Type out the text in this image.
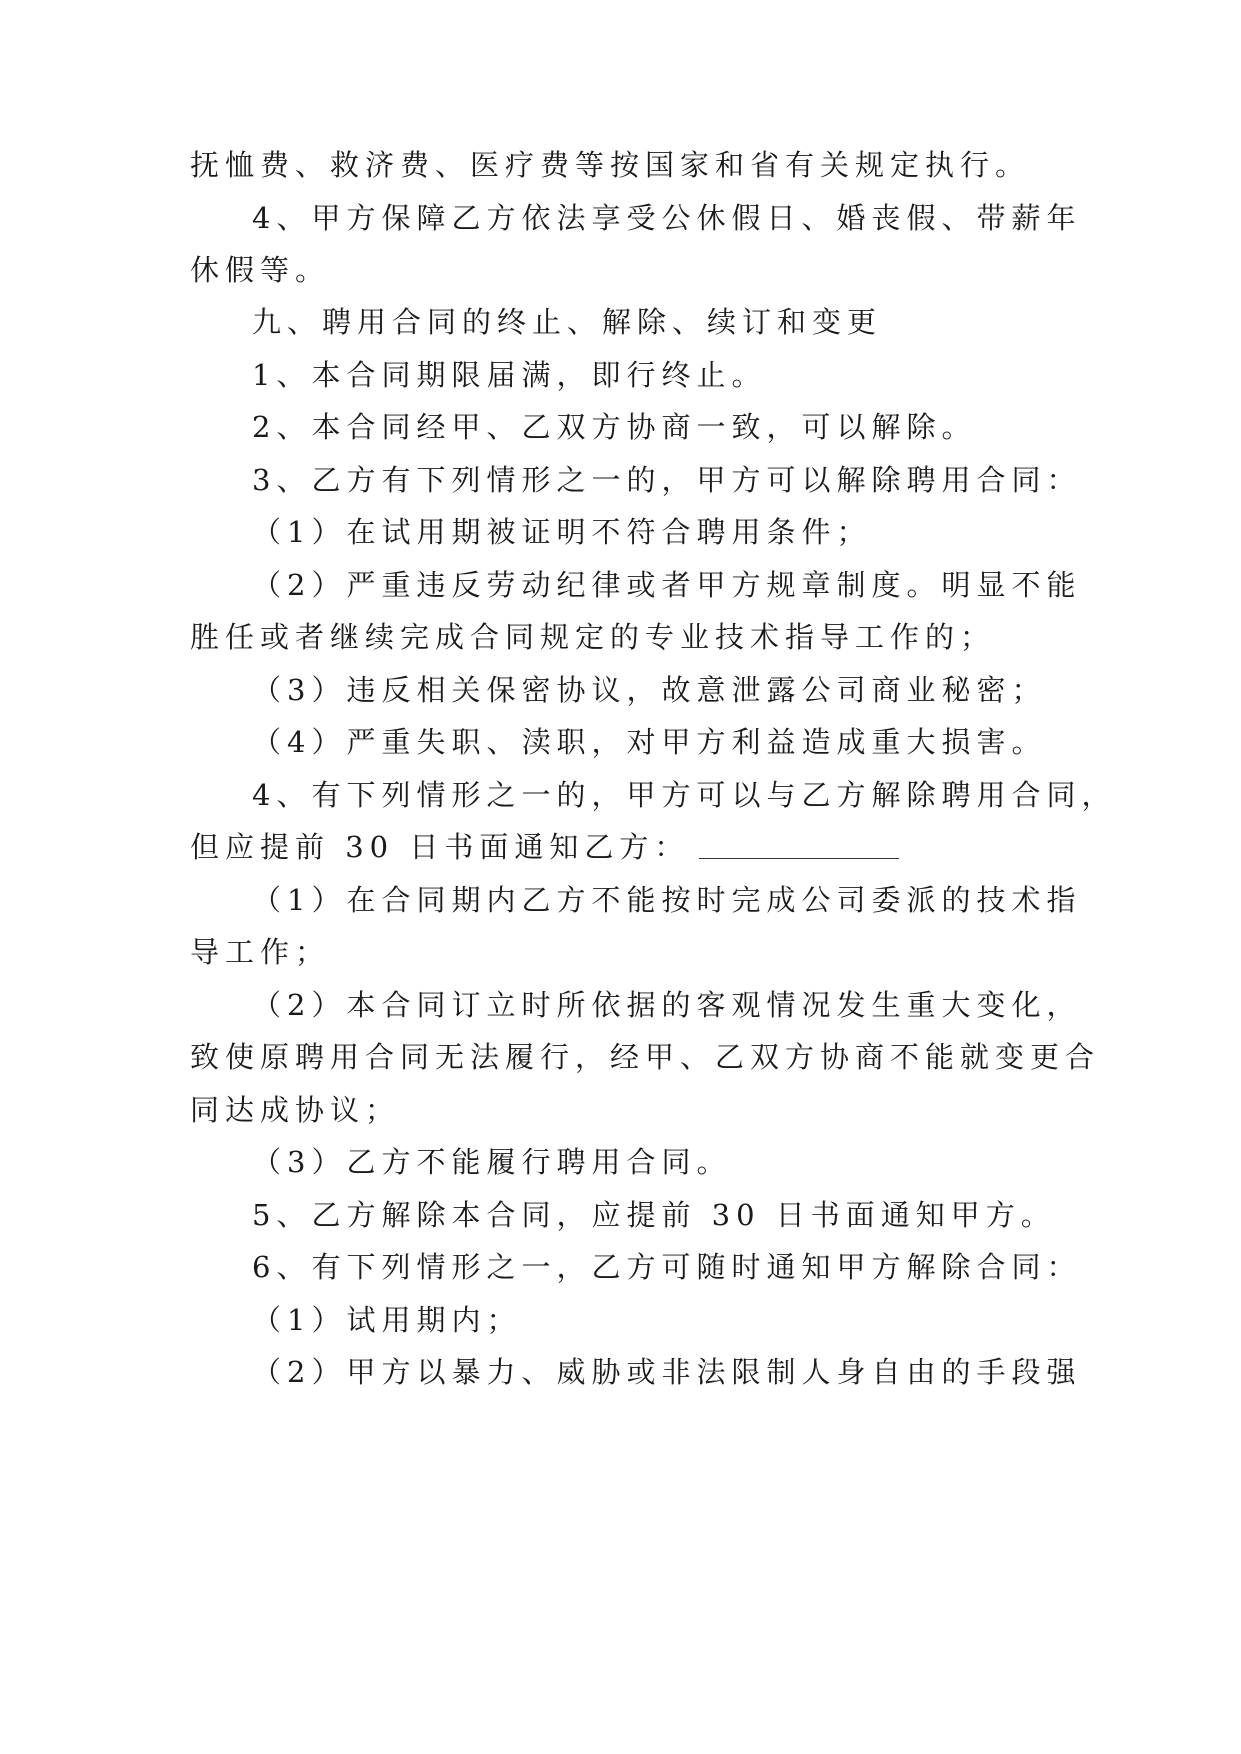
抚恤费、救济费、医疗费等按国家和省有关规定执行。

4、甲方保障乙方依法享受公休假日、婚丧假、带薪年

休假等。

九、聘用合同的终止、解除、续订和变更

1、本合同期限届满，即行终止。

2、本合同经甲、乙双方协商一致，可以解除。

3、乙方有下列情形之一的，甲方可以解除聘用合同：

（1）在试用期被证明不符合聘用条件；

（2）严重违反劳动纪律或者甲方规章制度。明显不能

胜任或者继续完成合同规定的专业技术指导工作的；

（3）违反相关保密协议，故意泄露公司商业秘密；

（4）严重失职、渎职，对甲方利益造成重大损害。

4、有下列情形之一的，甲方可以与乙方解除聘用合同，

但应提前 30 日书面通知乙方：

（1）在合同期内乙方不能按时完成公司委派的技术指

导工作；

（2）本合同订立时所依据的客观情况发生重大变化，

致使原聘用合同无法履行，经甲、乙双方协商不能就变更合

同达成协议；

（3）乙方不能履行聘用合同。

5、乙方解除本合同，应提前 30 日书面通知甲方。

6、有下列情形之一，乙方可随时通知甲方解除合同：

（1）试用期内；

（2）甲方以暴力、威胁或非法限制人身自由的手段强
